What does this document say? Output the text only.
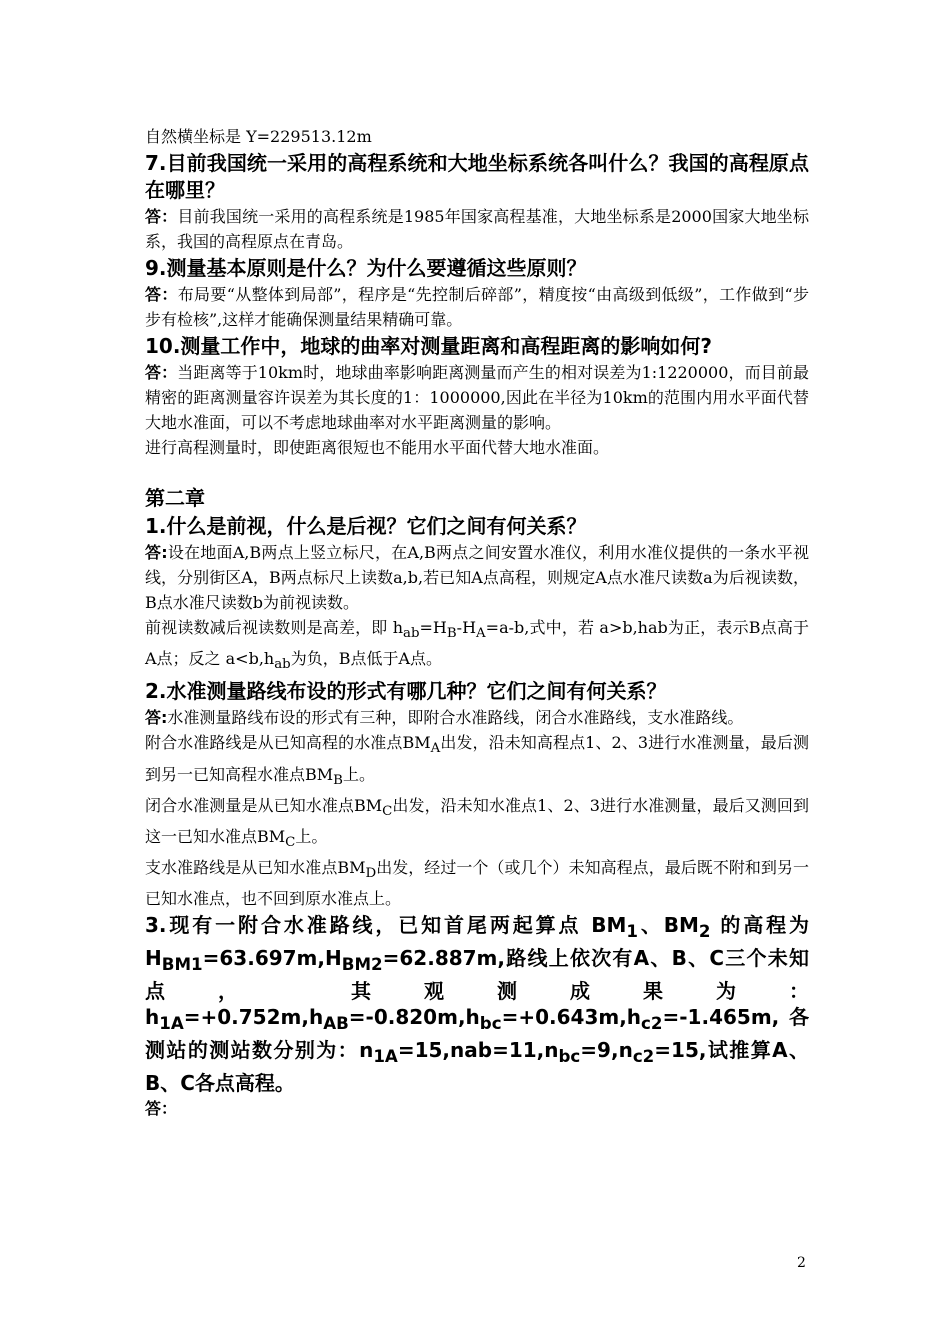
自然横坐标是 Y=229513.12m

7.目前我国统一采用的高程系统和大地坐标系统各叫什么？我国的高程原点在哪里？

答：目前我国统一采用的高程系统是1985年国家高程基准，大地坐标系是2000国家大地坐标系，我国的高程原点在青岛。

9.测量基本原则是什么？为什么要遵循这些原则？

答：布局要“从整体到局部”，程序是“先控制后碎部”，精度按“由高级到低级”，工作做到“步步有检核”,这样才能确保测量结果精确可靠。

10.测量工作中，地球的曲率对测量距离和高程距离的影响如何?

答：当距离等于10km时，地球曲率影响距离测量而产生的相对误差为1:1220000，而目前最精密的距离测量容许误差为其长度的1：1000000,因此在半径为10km的范围内用水平面代替大地水准面，可以不考虑地球曲率对水平距离测量的影响。

进行高程测量时，即使距离很短也不能用水平面代替大地水准面。

第二章

1.什么是前视，什么是后视？它们之间有何关系？

答:设在地面A,B两点上竖立标尺，在A,B两点之间安置水准仪，利用水准仪提供的一条水平视线，分别街区A，B两点标尺上读数a,b,若已知A点高程，则规定A点水准尺读数a为后视读数，B点水准尺读数b为前视读数。

前视读数减后视读数则是高差，即 $h_{ab}=H_B-H_A=a-b$,式中，若 a>b,hab为正，表示B点高于A点；反之 $a<b,h_{ab}$为负，B点低于A点。

2.水准测量路线布设的形式有哪几种？它们之间有何关系？

答:水准测量路线布设的形式有三种，即附合水准路线，闭合水准路线，支水准路线。

附合水准路线是从已知高程的水准点$BM_A$出发，沿未知高程点1、2、3进行水准测量，最后测到另一已知高程水准点$BM_B$上。

闭合水准测量是从已知水准点$BM_C$出发，沿未知水准点1、2、3进行水准测量，最后又测回到这一已知水准点$BM_C$上。

支水准路线是从已知水准点$BM_D$出发，经过一个（或几个）未知高程点，最后既不附和到另一已知水准点，也不回到原水准点上。

3.现有一附合水准路线，已知首尾两起算点 $BM_1$、$BM_2$ 的高程为$H_{BM1}=63.697m,H_{BM2}=62.887m$,路线上依次有A、B、C三个未知点， 其观测成果为：$h_{1A}=+0.752m,h_{AB}=-0.820m,h_{bc}=+0.643m,h_{c2}=-1.465m$,各测站的测站数分别为：$n_{1A}=15,nab=11,n_{bc}=9,n_{c2}=15$,试推算A、B、C各点高程。

答：

2
